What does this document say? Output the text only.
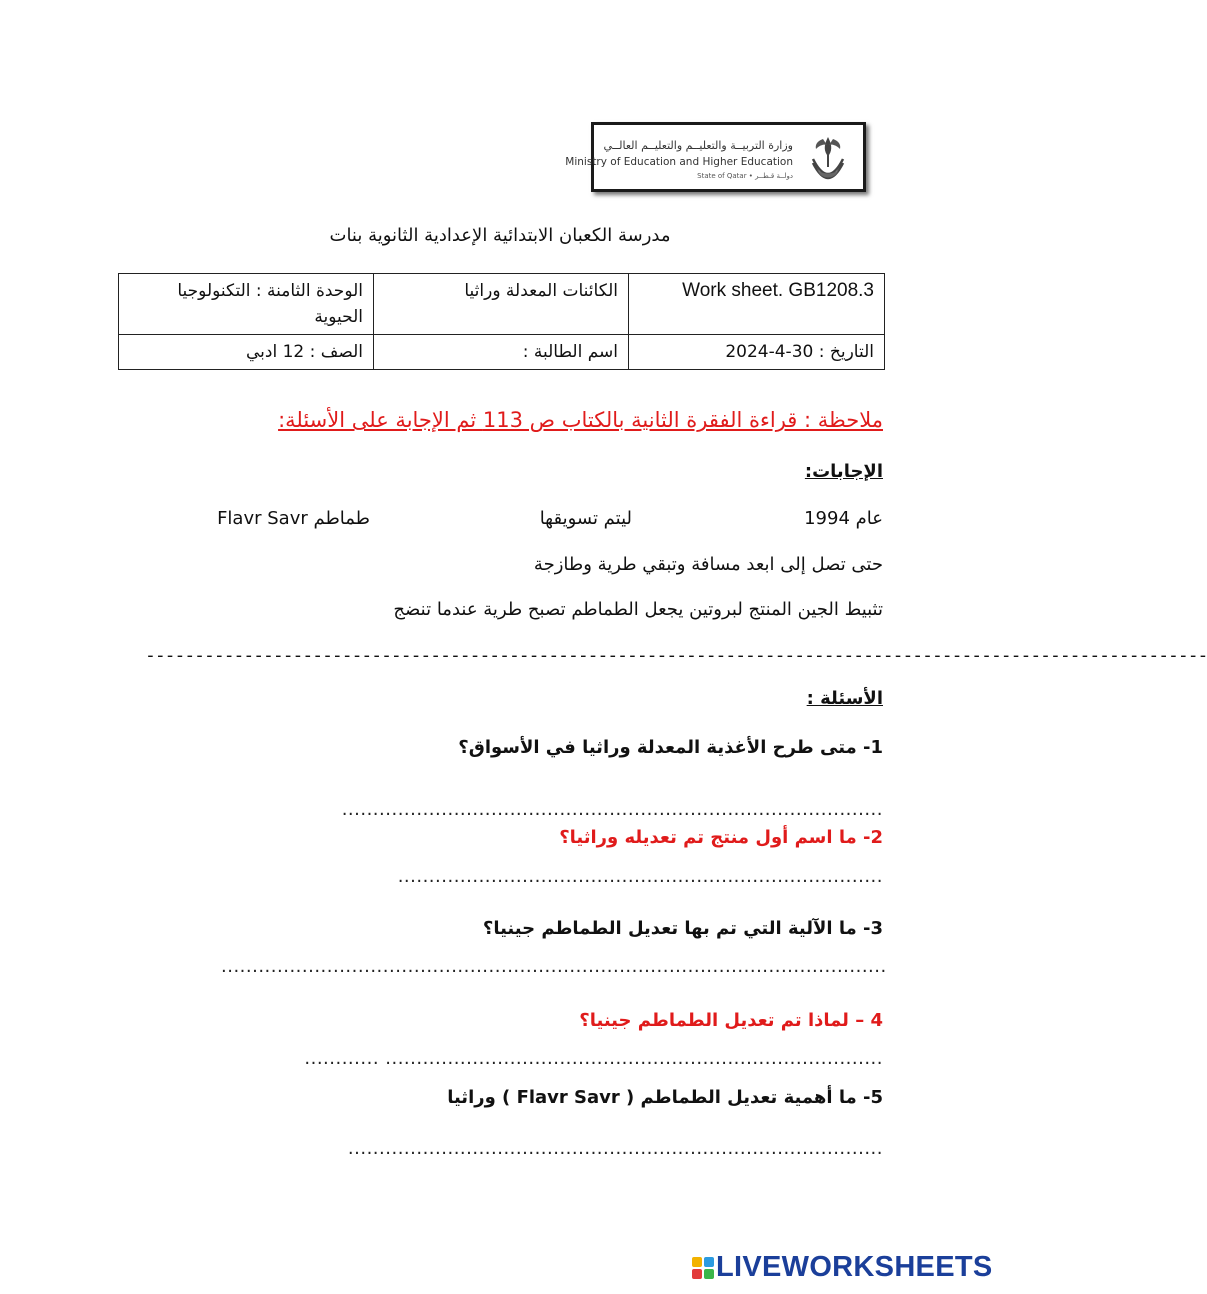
وزارة التربيــة والتعليــم والتعليــم العالــي
Ministry of Education and Higher Education
State of Qatar • دولــة قـطــر
مدرسة الكعبان الابتدائية الإعدادية الثانوية بنات
الوحدة الثامنة : التكنولوجيا الحيوية	الكائنات المعدلة وراثيا	Work sheet. GB1208.3
الصف : 12 ادبي	اسم الطالبة :	التاريخ : 30-4-2024
ملاحظة : قراءة الفقرة الثانية بالكتاب ص 113 ثم الإجابة على الأسئلة:
الإجابات:
عام 1994
ليتم تسويقها
طماطم Flavr Savr
حتى تصل إلى ابعد مسافة وتبقي طرية وطازجة
تثبيط الجين المنتج لبروتين يجعل الطماطم تصبح طرية عندما تنضج
------------------------------------------------------------------------------------------------------------
الأسئلة :
1- متى طرح الأغذية المعدلة وراثيا في الأسواق؟
.......................................................................................
2- ما اسم أول منتج تم تعديله وراثيا؟
..............................................................................
3- ما الآلية التي تم بها تعديل الطماطم جينيا؟
...........................................................................................................
4 – لماذا تم تعديل الطماطم جينيا؟
............ ................................................................................
5- ما أهمية تعديل الطماطم ( Flavr Savr ) وراثيا
......................................................................................
LIVEWORKSHEETS
